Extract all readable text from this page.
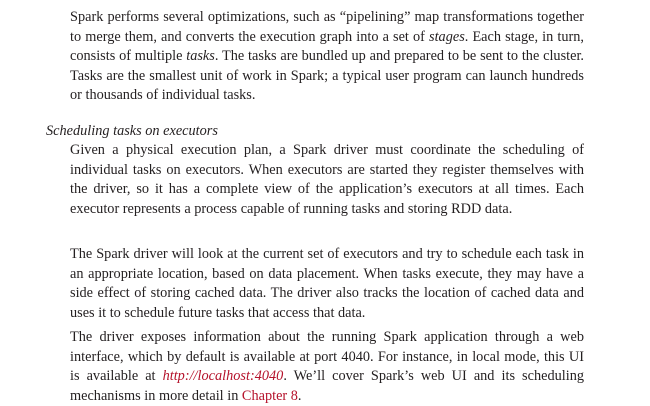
Spark performs several optimizations, such as “pipelining” map transformations together to merge them, and converts the execution graph into a set of stages. Each stage, in turn, consists of multiple tasks. The tasks are bundled up and prepared to be sent to the cluster. Tasks are the smallest unit of work in Spark; a typical user program can launch hundreds or thousands of individual tasks.

Scheduling tasks on executors

Given a physical execution plan, a Spark driver must coordinate the scheduling of individual tasks on executors. When executors are started they register themselves with the driver, so it has a complete view of the application’s executors at all times. Each executor represents a process capable of running tasks and storing RDD data.

The Spark driver will look at the current set of executors and try to schedule each task in an appropriate location, based on data placement. When tasks execute, they may have a side effect of storing cached data. The driver also tracks the location of cached data and uses it to schedule future tasks that access that data.

The driver exposes information about the running Spark application through a web interface, which by default is available at port 4040. For instance, in local mode, this UI is available at http://localhost:4040. We’ll cover Spark’s web UI and its scheduling mechanisms in more detail in Chapter 8.
